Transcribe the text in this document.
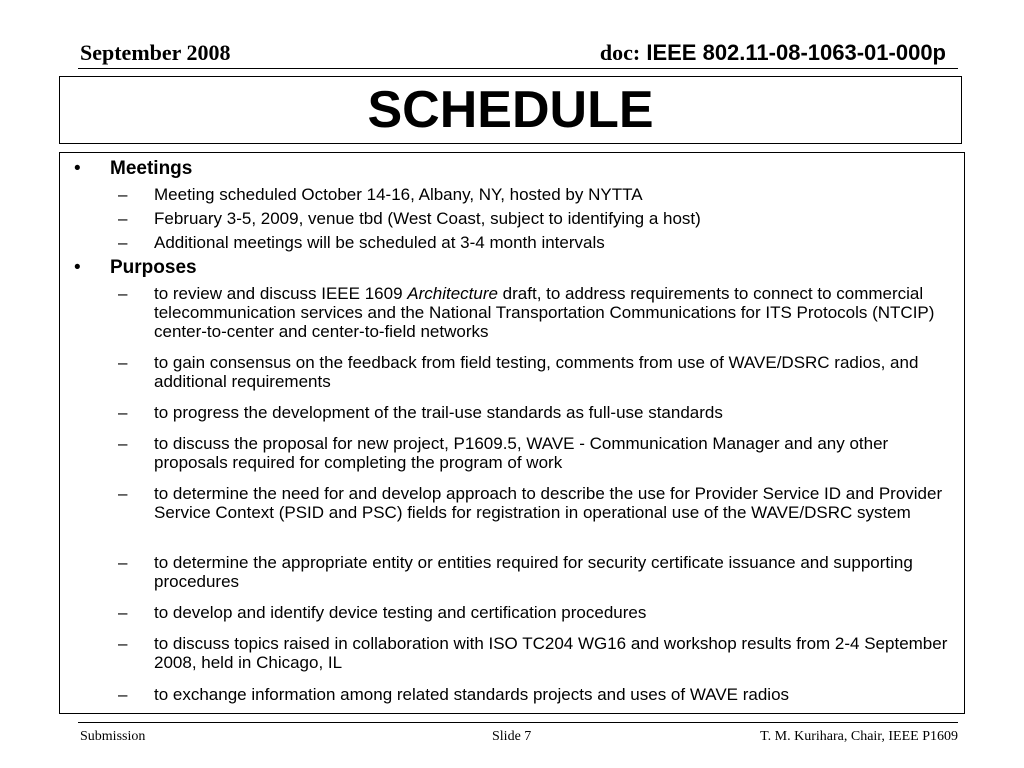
September 2008	doc: IEEE 802.11-08-1063-01-000p
SCHEDULE
• Meetings
– Meeting scheduled October 14-16, Albany, NY, hosted by NYTTA
– February 3-5, 2009, venue tbd (West Coast, subject to identifying a host)
– Additional meetings will be scheduled at 3-4 month intervals
• Purposes
– to review and discuss IEEE 1609 Architecture draft, to address requirements to connect to commercial telecommunication services and the National Transportation Communications for ITS Protocols (NTCIP) center-to-center and center-to-field networks
– to gain consensus on the feedback from field testing, comments from use of WAVE/DSRC radios, and additional requirements
– to progress the development of the trail-use standards as full-use standards
– to discuss the proposal for new project, P1609.5, WAVE - Communication Manager and any other proposals required for completing the program of work
– to determine the need for and develop approach to describe the use for Provider Service ID and Provider Service Context (PSID and PSC) fields for registration in operational use of the WAVE/DSRC system
– to determine the appropriate entity or entities required for security certificate issuance and supporting procedures
– to develop and identify device testing and certification procedures
– to discuss topics raised in collaboration with ISO TC204 WG16 and workshop results from 2-4 September 2008, held in Chicago, IL
– to exchange information among related standards projects and uses of WAVE radios
Submission	Slide 7	T. M. Kurihara, Chair, IEEE P1609
